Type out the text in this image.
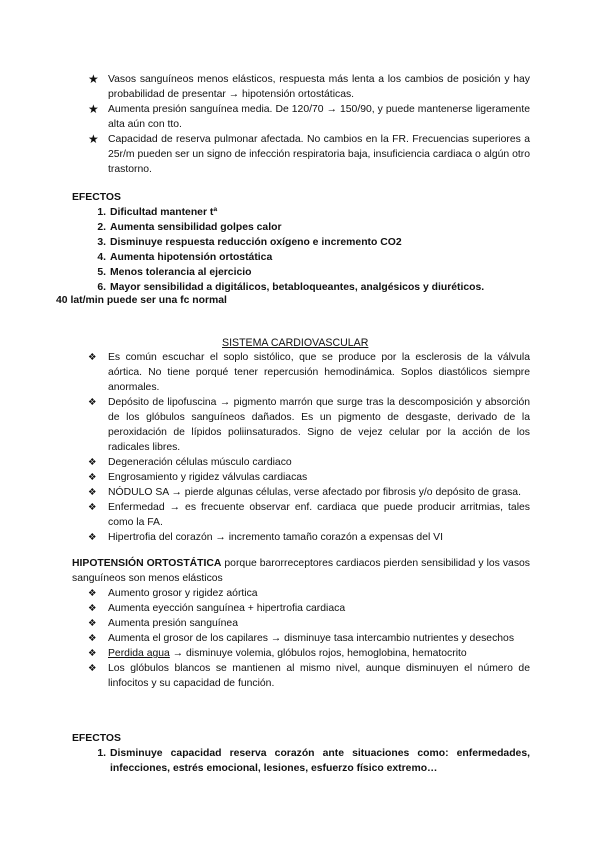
★ Vasos sanguíneos menos elásticos, respuesta más lenta a los cambios de posición y hay probabilidad de presentar → hipotensión ortostáticas.
★ Aumenta presión sanguínea media. De 120/70 → 150/90, y puede mantenerse ligeramente alta aún con tto.
★ Capacidad de reserva pulmonar afectada. No cambios en la FR. Frecuencias superiores a 25r/m pueden ser un signo de infección respiratoria baja, insuficiencia cardiaca o algún otro trastorno.
EFECTOS
1. Dificultad mantener tª
2. Aumenta sensibilidad golpes calor
3. Disminuye respuesta reducción oxígeno e incremento CO2
4. Aumenta hipotensión ortostática
5. Menos tolerancia al ejercicio
6. Mayor sensibilidad a digitálicos, betabloqueantes, analgésicos y diuréticos.
40 lat/min puede ser una fc normal
SISTEMA CARDIOVASCULAR
❖	Es común escuchar el soplo sistólico, que se produce por la esclerosis de la válvula aórtica. No tiene porqué tener repercusión hemodinámica. Soplos diastólicos siempre anormales.
❖	Depósito de lipofuscina → pigmento marrón que surge tras la descomposición y absorción de los glóbulos sanguíneos dañados. Es un pigmento de desgaste, derivado de la peroxidación de lípidos poliinsaturados. Signo de vejez celular por la acción de los radicales libres.
❖	Degeneración células músculo cardiaco
❖	Engrosamiento y rigidez válvulas cardiacas
❖	NÓDULO SA → pierde algunas células, verse afectado por fibrosis y/o depósito de grasa.
❖	Enfermedad → es frecuente observar enf. cardiaca que puede producir arritmias, tales como la FA.
❖	Hipertrofia del corazón → incremento tamaño corazón a expensas del VI
HIPOTENSIÓN ORTOSTÁTICA porque barorreceptores cardiacos pierden sensibilidad y los vasos sanguíneos son menos elásticos
❖	Aumento grosor y rigidez aórtica
❖	Aumenta eyección sanguínea + hipertrofia cardiaca
❖	Aumenta presión sanguínea
❖	Aumenta el grosor de los capilares → disminuye tasa intercambio nutrientes y desechos
❖	Perdida agua → disminuye volemia, glóbulos rojos, hemoglobina, hematocrito
❖	Los glóbulos blancos se mantienen al mismo nivel, aunque disminuyen el número de linfocitos y su capacidad de función.
EFECTOS
1. Disminuye capacidad reserva corazón ante situaciones como: enfermedades, infecciones, estrés emocional, lesiones, esfuerzo físico extremo…
